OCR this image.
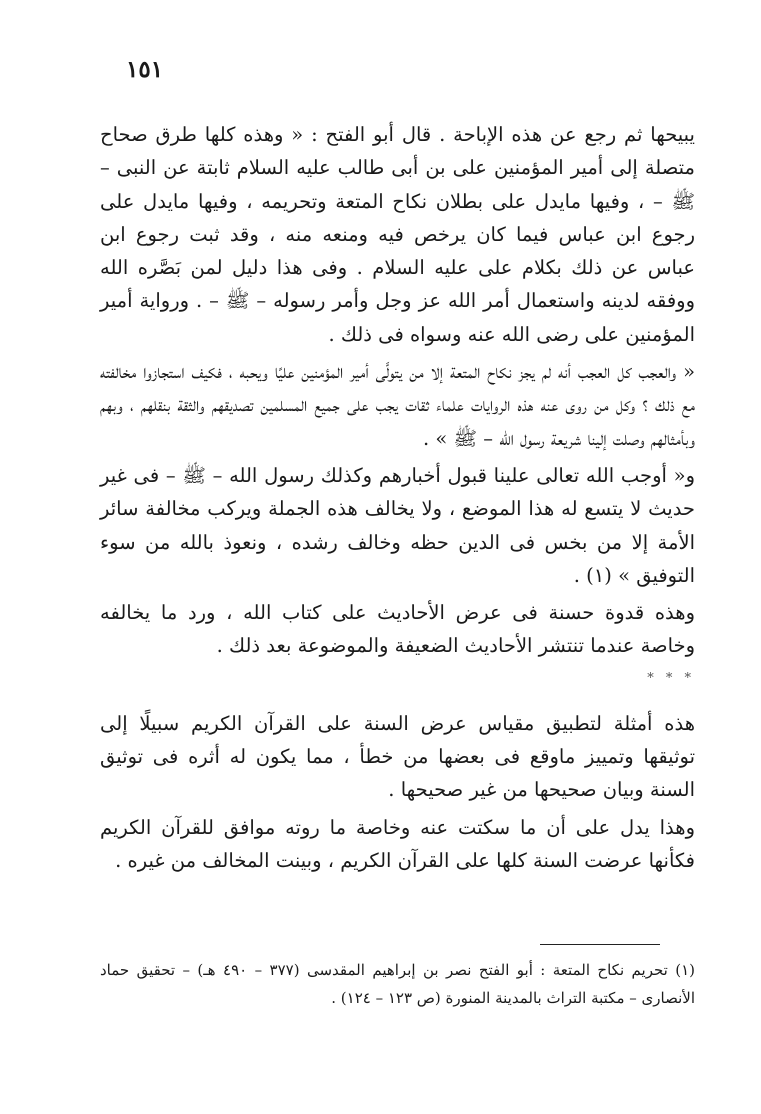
١٥١

يبيحها ثم رجع عن هذه الإباحة . قال أبو الفتح : « وهذه كلها طرق صحاح متصلة إلى أمير المؤمنين على بن أبى طالب عليه السلام ثابتة عن النبى – ﷺ – ، وفيها مايدل على بطلان نكاح المتعة وتحريمه ، وفيها مايدل على رجوع ابن عباس فيما كان يرخص فيه ومنعه منه ، وقد ثبت رجوع ابن عباس عن ذلك بكلام على عليه السلام . وفى هذا دليل لمن بَصَّره الله ووفقه لدينه واستعمال أمر الله عز وجل وأمر رسوله – ﷺ – . ورواية أمير المؤمنين على رضى الله عنه وسواه فى ذلك .

« والعجب كل العجب أنه لم يجز نكاح المتعة إلا من يتولَّى أمير المؤمنين عليًا ويحبه ، فكيف استجازوا مخالفته مع ذلك ؟ وكل من روى عنه هذه الروايات علماء ثقات يجب على جميع المسلمين تصديقهم والثقة بنقلهم ، وبهم وبأمثالهم وصلت إلينا شريعة رسول الله – ﷺ » .

و« أوجب الله تعالى علينا قبول أخبارهم وكذلك رسول الله – ﷺ – فى غير حديث لا يتسع له هذا الموضع ، ولا يخالف هذه الجملة ويركب مخالفة سائر الأمة إلا من بخس فى الدين حظه وخالف رشده ، ونعوذ بالله من سوء التوفيق » (١) .

وهذه قدوة حسنة فى عرض الأحاديث على كتاب الله ، ورد ما يخالفه وخاصة عندما تنتشر الأحاديث الضعيفة والموضوعة بعد ذلك .

* * *

هذه أمثلة لتطبيق مقياس عرض السنة على القرآن الكريم سبيلًا إلى توثيقها وتمييز ماوقع فى بعضها من خطأ ، مما يكون له أثره فى توثيق السنة وبيان صحيحها من غير صحيحها .

وهذا يدل على أن ما سكتت عنه وخاصة ما روته موافق للقرآن الكريم فكأنها عرضت السنة كلها على القرآن الكريم ، وبينت المخالف من غيره .

(١) تحريم نكاح المتعة : أبو الفتح نصر بن إبراهيم المقدسى (٣٧٧ – ٤٩٠ هـ) – تحقيق حماد الأنصارى – مكتبة التراث بالمدينة المنورة (ص ١٢٣ – ١٢٤) .
